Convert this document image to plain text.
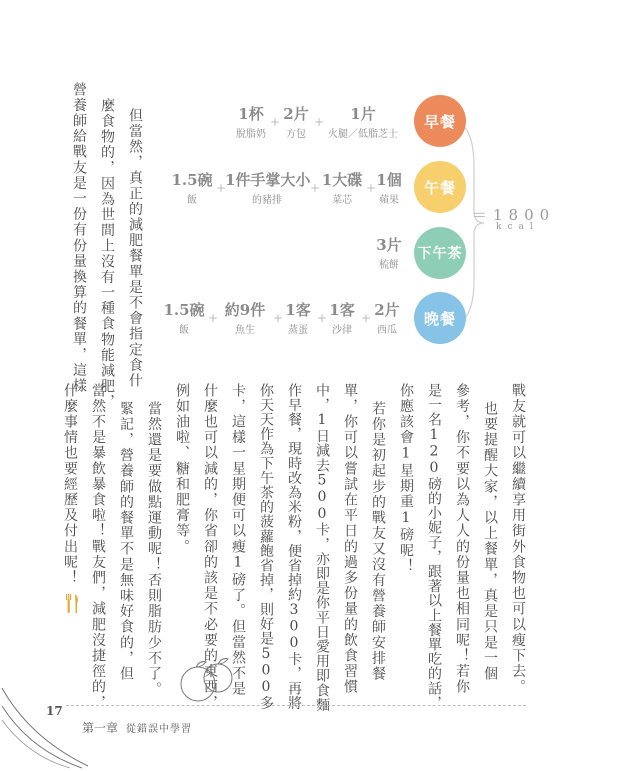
營養師給戰友是一份有份量換算的餐單，這樣 麼食物的，因為世間上沒有一種食物能減肥， 但當然，真正的減肥餐單是不會指定食什	早餐
午餐
下午茶
晚餐
＝1800
kcal
1杯
脫脂奶
+ 2片
方包
+	1片
火腿／低脂芝士
1.5碗
飯
+
1件手掌大小
的豬排
+ 1大碟
菜芯
+ 1個
蘋果
3片
梳餅
1.5碗
飯
+ 約9件
魚生
+ 1客
蒸蛋
+ 1客
沙律
+ 2片
西瓜
戰友就可以繼續享用街外食物也可以瘦下去。
也要提醒大家，以上餐單，真是只是一個
參考，你不要以為人人的份量也相同呢！若你
是一名120磅的小妮子，跟著以上餐單吃的話，
你應該會1星期重1磅呢！
若你是初起步的戰友又沒有營養師安排餐
單，你可以嘗試在平日的過多份量的飲食習慣
中，1日減去500卡，亦即是你平日愛用即食麵
作早餐，現時改為米粉，便省掉約300卡，再將
你天天作為下午茶的菠蘿飽省掉，則好是500多
卡，這樣一星期便可以瘦1磅了。但當然不是
什麼也可以減的，你省卻的該是不必要的東西，
例如油啦、糖和肥膏等。
當然還是要做點運動呢！否則脂肪少不了。
緊記，營養師的餐單不是無味好食的，但
當然不是暴飲暴食啦！戰友們，減肥沒捷徑的，
什麼事情也要經歷及付出呢！
17
第一章 從錯誤中學習
